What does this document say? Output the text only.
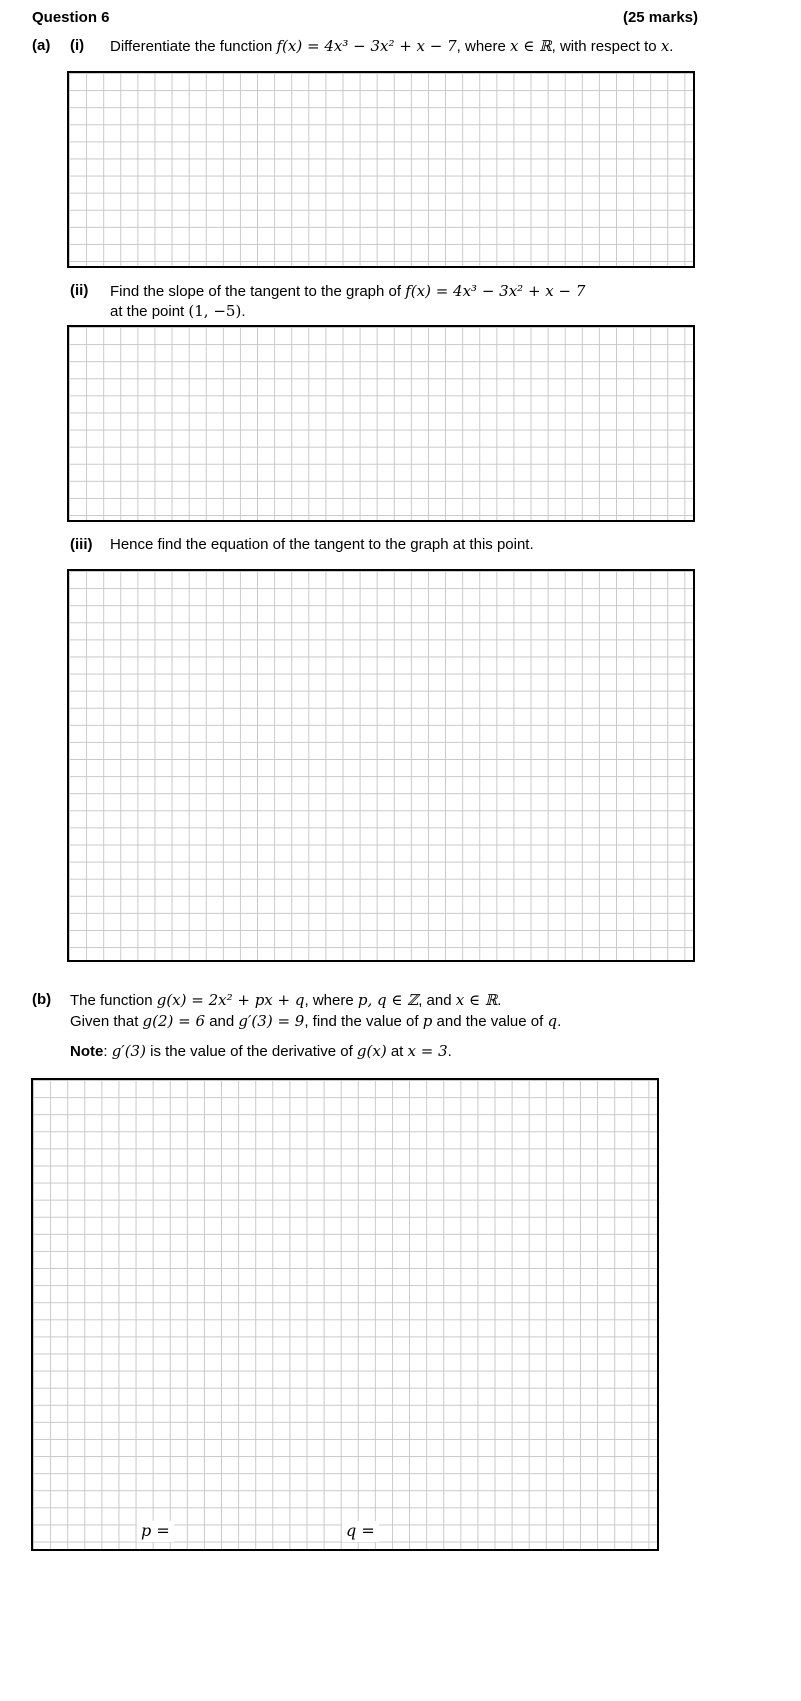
Question 6	(25 marks)
(a) (i) Differentiate the function f(x) = 4x³ − 3x² + x − 7, where x ∈ ℝ, with respect to x.
(ii) Find the slope of the tangent to the graph of f(x) = 4x³ − 3x² + x − 7
at the point (1, −5).
(iii) Hence find the equation of the tangent to the graph at this point.
(b) The function g(x) = 2x² + px + q, where p, q ∈ ℤ, and x ∈ ℝ.
Given that g(2) = 6 and g′(3) = 9, find the value of p and the value of q.
Note: g′(3) is the value of the derivative of g(x) at x = 3.
p =	q =
